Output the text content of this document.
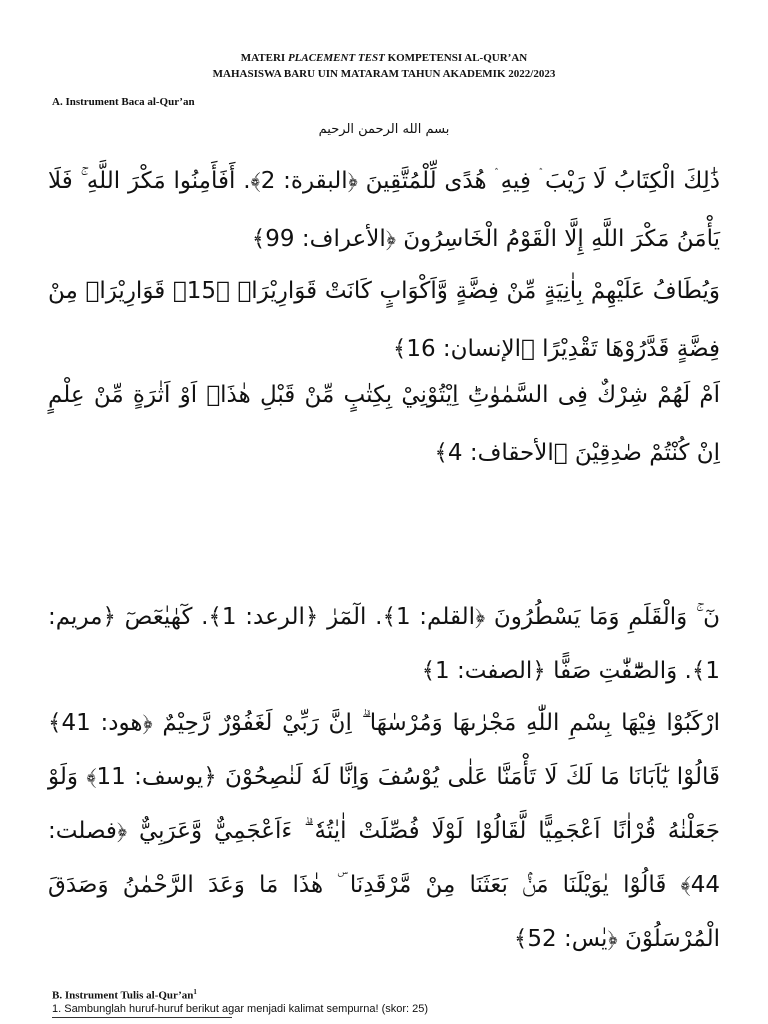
MATERI PLACEMENT TEST KOMPETENSI AL-QUR’AN
MAHASISWA BARU UIN MATARAM TAHUN AKADEMIK 2022/2023
A. Instrument Baca al-Qur’an
بسم الله الرحمن الرحيم

ذَٰلِكَ الْكِتَابُ لَا رَيْبَ ۛ فِيهِ ۛ هُدًى لِّلْمُتَّقِينَ ﴿البقرة: 2﴾. أَفَأَمِنُوا مَكْرَ اللَّهِ ۚ فَلَا يَأْمَنُ مَكْرَ اللَّهِ إِلَّا الْقَوْمُ الْخَاسِرُونَ ﴿الأعراف: 99﴾

وَيُطَافُ عَلَيْهِمْ بِاٰنِيَةٍ مِّنْ فِضَّةٍ وَّاَكْوَابٍ كَانَتْ قَوَارِيْرَاۡ ﴿15﴾ قَوَارِيْرَاۡ مِنْ فِضَّةٍ قَدَّرُوْهَا تَقْدِيْرًا ﴿الإنسان: 16﴾

اَمْ لَهُمْ شِرْكٌ فِى السَّمٰوٰتِؕ اِيْتُوْنِيْ بِكِتٰبٍ مِّنْ قَبْلِ هٰذَاۤ اَوْ اَثٰرَةٍ مِّنْ عِلْمٍ اِنْ كُنْتُمْ صٰدِقِيْنَ ﴿الأحقاف: 4﴾

نٓ ۚ وَالْقَلَمِ وَمَا يَسْطُرُونَ ﴿القلم: 1﴾. الٓمٓرٰ ﴿الرعد: 1﴾. كٓهٰيٰعٓصٓ ﴿مريم: 1﴾. وَالصّٰٓفّٰتِ صَفًّا ﴿الصفت: 1﴾

ارْكَبُوْا فِيْهَا بِسْمِ اللّٰهِ مَجْرٰىهَا وَمُرْسٰهَا ۗ اِنَّ رَبِّيْ لَغَفُوْرٌ رَّحِيْمٌ ﴿هود: 41﴾ قَالُوْا يٰٓاَبَانَا مَا لَكَ لَا تَأْمَنَّا عَلٰى يُوْسُفَ وَاِنَّا لَهٗ لَنٰصِحُوْنَ ﴿يوسف: 11﴾ وَلَوْ جَعَلْنٰهُ قُرْاٰنًا اَعْجَمِيًّا لَّقَالُوْا لَوْلَا فُصِّلَتْ اٰيٰتُهٗ ۗ ءَاَعْجَمِيٌّ وَّعَرَبِيٌّ ﴿فصلت: 44﴾ قَالُوْا يٰوَيْلَنَا مَنْۢ بَعَثَنَا مِنْ مَّرْقَدِنَا ۜ هٰذَا مَا وَعَدَ الرَّحْمٰنُ وَصَدَقَ الْمُرْسَلُوْنَ ﴿يٰس: 52﴾

B. Instrument Tulis $al-Qur’an^1$
1. Sambunglah huruf-huruf berikut agar menjadi kalimat sempurna! (skor: 25)
